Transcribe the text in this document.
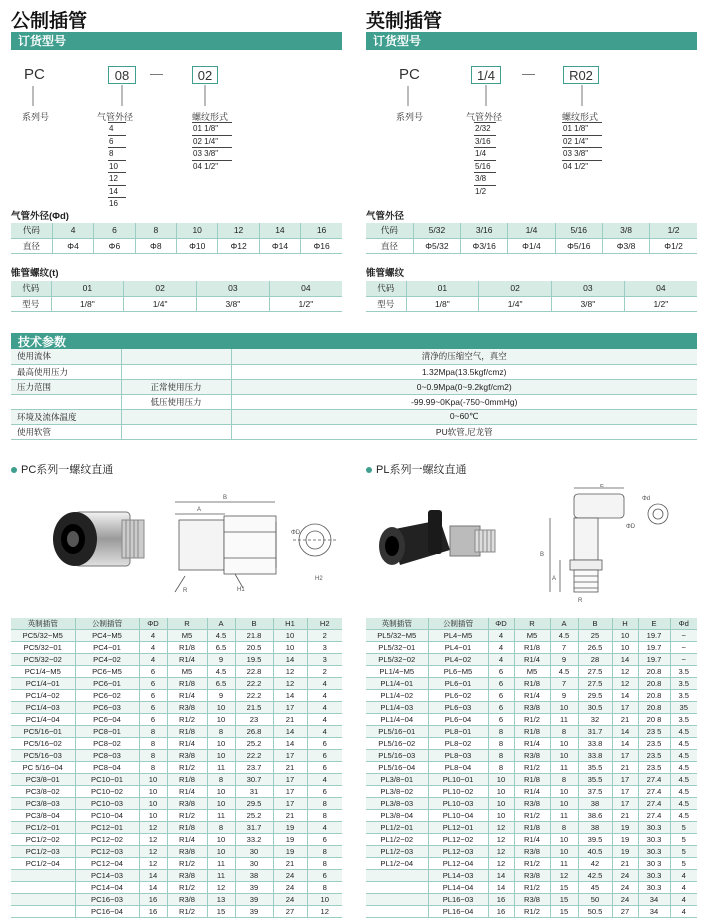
公制插管
订货型号
PC	08	—	02
系列号	气管外径	螺纹形式
4
6
8
10
12
14
16
01 1/8"
02 1/4"
03 3/8"
04 1/2"
气管外径(Φd)
代码	4	6	8	10	12	14	16
直径	Φ4	Φ6	Φ8	Φ10	Φ12	Φ14	Φ16
锥管螺纹(t)
代码	01	02	03	04
型号	1/8"	1/4"	3/8"	1/2"
英制插管
订货型号
PC	1/4	—	R02
系列号	气管外径	螺纹形式
2/32
3/16
1/4
5/16
3/8
1/2
01 1/8"
02 1/4"
03 3/8"
04 1/2"
气管外径
代码	5/32	3/16	1/4	5/16	3/8	1/2
直径	Φ5/32	Φ3/16	Φ1/4	Φ5/16	Φ3/8	Φ1/2
锥管螺纹
代码	01	02	03	04
型号	1/8"	1/4"	3/8"	1/2"
技术参数
使用流体		清净的压缩空气，真空
最高使用压力		1.32Mpa(13.5kgf/cmz)
压力范围	正常使用压力	0~0.9Mpa(0~9.2kgf/cm2)
	低压使用压力	-99.99~0Kpa(-750~0mmHg)
环境及流体温度		0~60℃
使用软管		PU软管,尼龙管
PC系列一螺纹直通	PL系列一螺纹直通
B
A
R	H1
ΦD
H2
E
B
A
R
ΦD
Φd
英制插管	公制插管	ΦD	R	A	B	H1	H2
PC5/32−M5	PC4−M5	4	M5	4.5	21.8	10	2
PC5/32−01	PC4−01	4	R1/8	6.5	20.5	10	3
PC5/32−02	PC4−02	4	R1/4	9	19.5	14	3
PC1/4−M5	PC6−M5	6	M5	4.5	22.8	12	2
PC1/4−01	PC6−01	6	R1/8	6.5	22.2	12	4
PC1/4−02	PC6−02	6	R1/4	9	22.2	14	4
PC1/4−03	PC6−03	6	R3/8	10	21.5	17	4
PC1/4−04	PC6−04	6	R1/2	10	23	21	4
PC5/16−01	PC8−01	8	R1/8	8	26.8	14	4
PC5/16−02	PC8−02	8	R1/4	10	25.2	14	6
PC5/16−03	PC8−03	8	R3/8	10	22.2	17	6
PC 5/16−04	PC8−04	8	R1/2	11	23.7	21	6
PC3/8−01	PC10−01	10	R1/8	8	30.7	17	4
PC3/8−02	PC10−02	10	R1/4	10	31	17	6
PC3/8−03	PC10−03	10	R3/8	10	29.5	17	8
PC3/8−04	PC10−04	10	R1/2	11	25.2	21	8
PC1/2−01	PC12−01	12	R1/8	8	31.7	19	4
PC1/2−02	PC12−02	12	R1/4	10	33.2	19	6
PC1/2−03	PC12−03	12	R3/8	10	30	19	8
PC1/2−04	PC12−04	12	R1/2	11	30	21	8
	PC14−03	14	R3/8	11	38	24	6
	PC14−04	14	R1/2	12	39	24	8
	PC16−03	16	R3/8	13	39	24	10
	PC16−04	16	R1/2	15	39	27	12
英制插管	公制插管	ΦD	R	A	B	H	E	Φd
PL5/32−M5	PL4−M5	4	M5	4.5	25	10	19.7	−
PL5/32−01	PL4−01	4	R1/8	7	26.5	10	19.7	−
PL5/32−02	PL4−02	4	R1/4	9	28	14	19.7	−
PL1/4−M5	PL6−M5	6	M5	4.5	27.5	12	20.8	3.5
PL1/4−01	PL6−01	6	R1/8	7	27.5	12	20.8	3.5
PL1/4−02	PL6−02	6	R1/4	9	29.5	14	20.8	3.5
PL1/4−03	PL6−03	6	R3/8	10	30.5	17	20.8	35
PL1/4−04	PL6−04	6	R1/2	11	32	21	20 8	3.5
PL5/16−01	PL8−01	8	R1/8	8	31.7	14	23 5	4.5
PL5/16−02	PL8−02	8	R1/4	10	33.8	14	23.5	4.5
PL5/16−03	PL8−03	8	R3/8	10	33.8	17	23.5	4.5
PL5/16−04	PL8−04	8	R1/2	11	35.5	21	23.5	4.5
PL3/8−01	PL10−01	10	R1/8	8	35.5	17	27.4	4.5
PL3/8−02	PL10−02	10	R1/4	10	37.5	17	27.4	4.5
PL3/8−03	PL10−03	10	R3/8	10	38	17	27.4	4.5
PL3/8−04	PL10−04	10	R1/2	11	38.6	21	27.4	4.5
PL1/2−01	PL12−01	12	R1/8	8	38	19	30.3	5
PL1/2−02	PL12−02	12	R1/4	10	39.5	19	30.3	5
PL1/2−03	PL12−03	12	R3/8	10	40.5	19	30.3	5
PL1/2−04	PL12−04	12	R1/2	11	42	21	30 3	5
	PL14−03	14	R3/8	12	42.5	24	30.3	4
	PL14−04	14	R1/2	15	45	24	30.3	4
	PL16−03	16	R3/8	15	50	24	34	4
	PL16−04	16	R1/2	15	50.5	27	34	4
